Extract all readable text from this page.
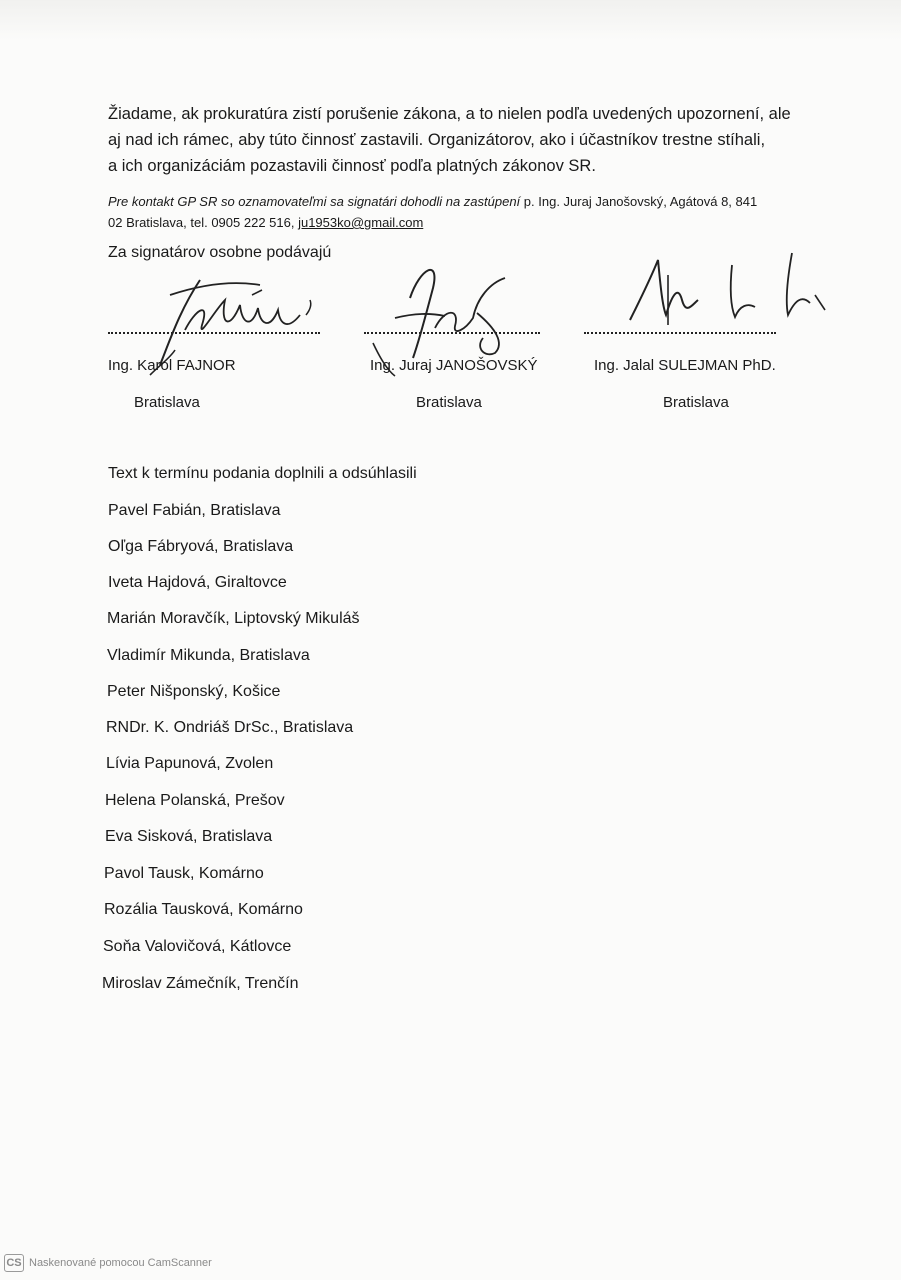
Žiadame, ak prokuratúra zistí porušenie zákona, a to nielen podľa uvedených upozornení, ale
aj nad ich rámec, aby túto činnosť zastavili. Organizátorov, ako i účastníkov trestne stíhali,
a ich organizáciám pozastavili činnosť podľa platných zákonov SR.

Pre kontakt GP SR so oznamovateľmi sa signatári dohodli na zastúpení p. Ing. Juraj Janošovský, Agátová 8, 841
02 Bratislava, tel. 0905 222 516, ju1953ko@gmail.com

Za signatárov osobne podávajú

Ing. Karol FAJNOR

Bratislava

Ing. Juraj JANOŠOVSKÝ

Bratislava

Ing. Jalal SULEJMAN PhD.

Bratislava

Text k termínu podania doplnili a odsúhlasili

Pavel Fabián, Bratislava
Oľga Fábryová, Bratislava
Iveta Hajdová, Giraltovce
Marián Moravčík, Liptovský Mikuláš
Vladimír Mikunda, Bratislava
Peter Nišponský, Košice
RNDr. K. Ondriáš DrSc., Bratislava
Lívia Papunová, Zvolen
Helena Polanská, Prešov
Eva Sisková, Bratislava
Pavol Tausk, Komárno
Rozália Tausková, Komárno
Soňa Valovičová, Kátlovce
Miroslav Zámečník, Trenčín
CS Naskenované pomocou CamScanner
